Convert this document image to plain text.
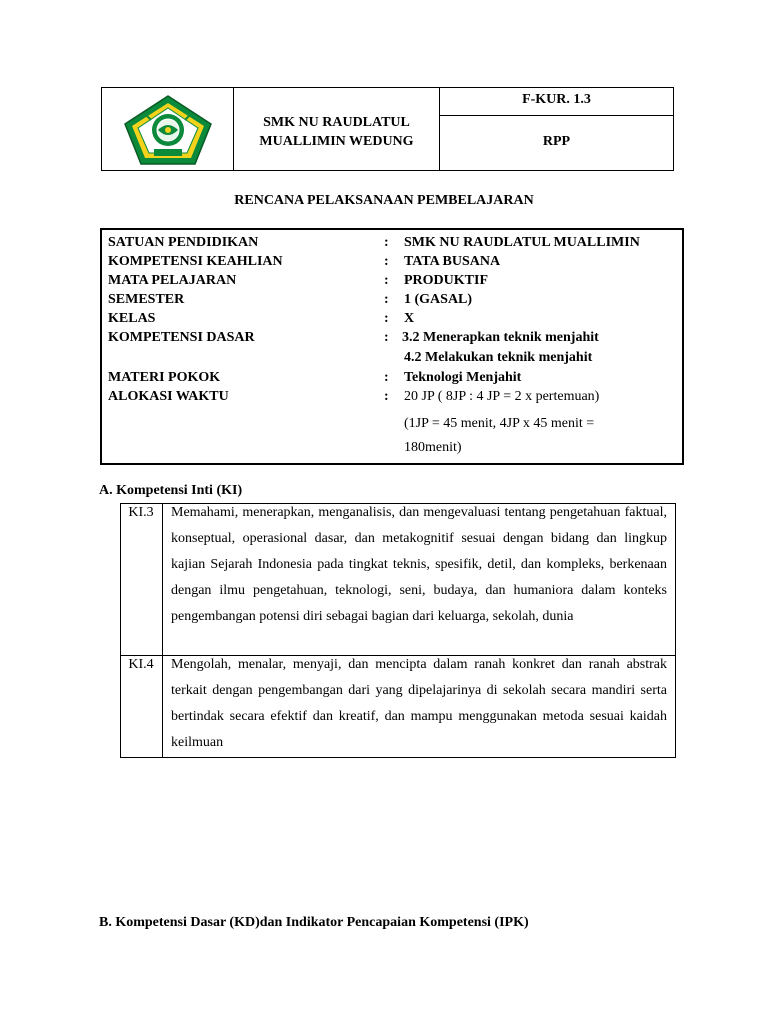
SMK NU RAUDLATUL
MUALLIMIN WEDUNG
F-KUR. 1.3
RPP
RENCANA PELAKSANAAN PEMBELAJARAN
SATUAN PENDIDIKAN	: SMK NU RAUDLATUL MUALLIMIN
KOMPETENSI KEAHLIAN	: TATA BUSANA
MATA PELAJARAN	: PRODUKTIF
SEMESTER	: 1 (GASAL)
KELAS	: X
KOMPETENSI DASAR	: 3.2 Menerapkan teknik menjahit
4.2 Melakukan teknik menjahit
MATERI POKOK	: Teknologi Menjahit
ALOKASI WAKTU	: 20 JP ( 8JP : 4 JP = 2 x pertemuan)
(1JP = 45 menit, 4JP x 45 menit =
180menit)
A. Kompetensi Inti (KI)
KI.3	Memahami, menerapkan, menganalisis, dan mengevaluasi tentang pengetahuan faktual, konseptual, operasional dasar, dan metakognitif sesuai dengan bidang dan lingkup kajian Sejarah Indonesia pada tingkat teknis, spesifik, detil, dan kompleks, berkenaan dengan ilmu pengetahuan, teknologi, seni, budaya, dan humaniora dalam konteks pengembangan potensi diri sebagai bagian dari keluarga, sekolah, dunia
KI.4	Mengolah, menalar, menyaji, dan mencipta dalam ranah konkret dan ranah abstrak terkait dengan pengembangan dari yang dipelajarinya di sekolah secara mandiri serta bertindak secara efektif dan kreatif, dan mampu menggunakan metoda sesuai kaidah keilmuan
B. Kompetensi Dasar (KD)dan Indikator Pencapaian Kompetensi (IPK)
